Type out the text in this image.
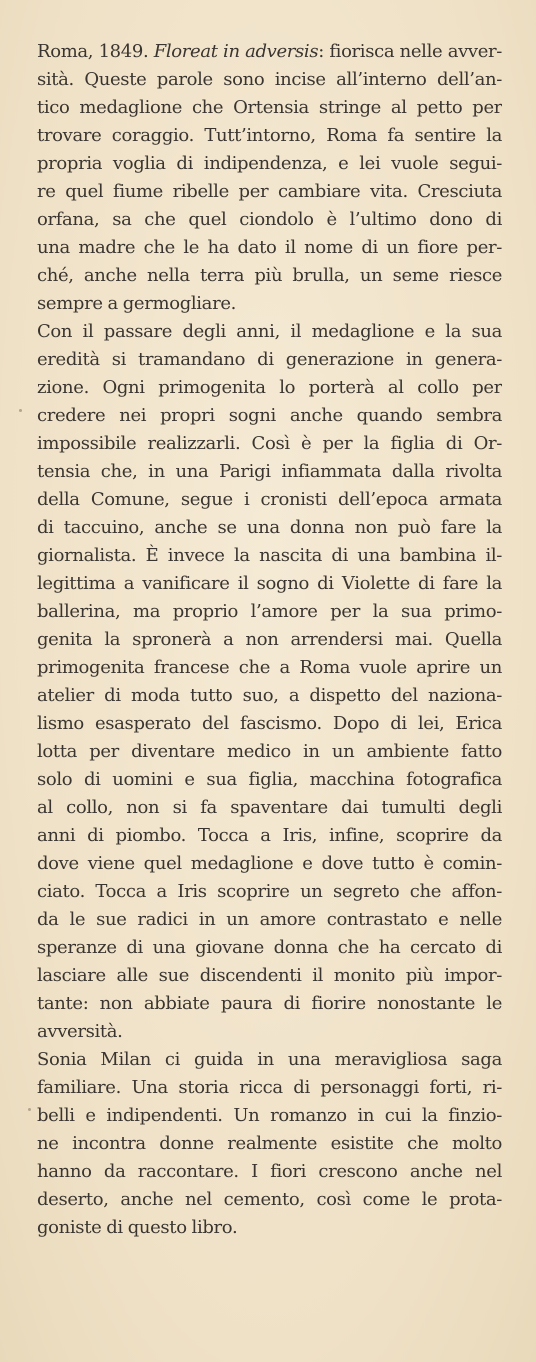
Roma, 1849. Floreat in adversis: fiorisca nelle avver-
sità. Queste parole sono incise all’interno dell’an-
tico medaglione che Ortensia stringe al petto per
trovare coraggio. Tutt’intorno, Roma fa sentire la
propria voglia di indipendenza, e lei vuole segui-
re quel fiume ribelle per cambiare vita. Cresciuta
orfana, sa che quel ciondolo è l’ultimo dono di
una madre che le ha dato il nome di un fiore per-
ché, anche nella terra più brulla, un seme riesce
sempre a germogliare.
Con il passare degli anni, il medaglione e la sua
eredità si tramandano di generazione in genera-
zione. Ogni primogenita lo porterà al collo per
credere nei propri sogni anche quando sembra
impossibile realizzarli. Così è per la figlia di Or-
tensia che, in una Parigi infiammata dalla rivolta
della Comune, segue i cronisti dell’epoca armata
di taccuino, anche se una donna non può fare la
giornalista. È invece la nascita di una bambina il-
legittima a vanificare il sogno di Violette di fare la
ballerina, ma proprio l’amore per la sua primo-
genita la spronerà a non arrendersi mai. Quella
primogenita francese che a Roma vuole aprire un
atelier di moda tutto suo, a dispetto del naziona-
lismo esasperato del fascismo. Dopo di lei, Erica
lotta per diventare medico in un ambiente fatto
solo di uomini e sua figlia, macchina fotografica
al collo, non si fa spaventare dai tumulti degli
anni di piombo. Tocca a Iris, infine, scoprire da
dove viene quel medaglione e dove tutto è comin-
ciato. Tocca a Iris scoprire un segreto che affon-
da le sue radici in un amore contrastato e nelle
speranze di una giovane donna che ha cercato di
lasciare alle sue discendenti il monito più impor-
tante: non abbiate paura di fiorire nonostante le
avversità.
Sonia Milan ci guida in una meravigliosa saga
familiare. Una storia ricca di personaggi forti, ri-
belli e indipendenti. Un romanzo in cui la finzio-
ne incontra donne realmente esistite che molto
hanno da raccontare. I fiori crescono anche nel
deserto, anche nel cemento, così come le prota-
goniste di questo libro.
